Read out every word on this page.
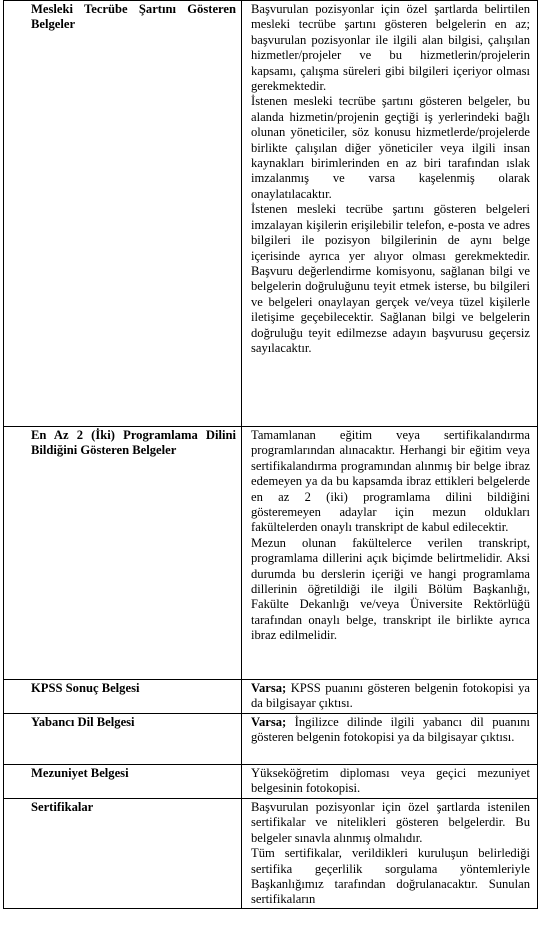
Mesleki Tecrübe Şartını Gösteren Belgeler	Başvurulan pozisyonlar için özel şartlarda belirtilen mesleki tecrübe şartını gösteren belgelerin en az; başvurulan pozisyonlar ile ilgili alan bilgisi, çalışılan hizmetler/projeler ve bu hizmetlerin/projelerin kapsamı, çalışma süreleri gibi bilgileri içeriyor olması gerekmektedir.

İstenen mesleki tecrübe şartını gösteren belgeler, bu alanda hizmetin/projenin geçtiği iş yerlerindeki bağlı olunan yöneticiler, söz konusu hizmetlerde/projelerde birlikte çalışılan diğer yöneticiler veya ilgili insan kaynakları birimlerinden en az biri tarafından ıslak imzalanmış ve varsa kaşelenmiş olarak onaylatılacaktır.

İstenen mesleki tecrübe şartını gösteren belgeleri imzalayan kişilerin erişilebilir telefon, e-posta ve adres bilgileri ile pozisyon bilgilerinin de aynı belge içerisinde ayrıca yer alıyor olması gerekmektedir. Başvuru değerlendirme komisyonu, sağlanan bilgi ve belgelerin doğruluğunu teyit etmek isterse, bu bilgileri ve belgeleri onaylayan gerçek ve/veya tüzel kişilerle iletişime geçebilecektir. Sağlanan bilgi ve belgelerin doğruluğu teyit edilmezse adayın başvurusu geçersiz sayılacaktır.

En Az 2 (İki) Programlama Dilini Bildiğini Gösteren Belgeler	Tamamlanan eğitim veya sertifikalandırma programlarından alınacaktır. Herhangi bir eğitim veya sertifikalandırma programından alınmış bir belge ibraz edemeyen ya da bu kapsamda ibraz ettikleri belgelerde en az 2 (iki) programlama dilini bildiğini gösteremeyen adaylar için mezun oldukları fakültelerden onaylı transkript de kabul edilecektir.

Mezun olunan fakültelerce verilen transkript, programlama dillerini açık biçimde belirtmelidir. Aksi durumda bu derslerin içeriği ve hangi programlama dillerinin öğretildiği ile ilgili Bölüm Başkanlığı, Fakülte Dekanlığı ve/veya Üniversite Rektörlüğü tarafından onaylı belge, transkript ile birlikte ayrıca ibraz edilmelidir.

KPSS Sonuç Belgesi	Varsa; KPSS puanını gösteren belgenin fotokopisi ya da bilgisayar çıktısı.

Yabancı Dil Belgesi	Varsa; İngilizce dilinde ilgili yabancı dil puanını gösteren belgenin fotokopisi ya da bilgisayar çıktısı.

Mezuniyet Belgesi	Yükseköğretim diploması veya geçici mezuniyet belgesinin fotokopisi.

Sertifikalar	Başvurulan pozisyonlar için özel şartlarda istenilen sertifikalar ve nitelikleri gösteren belgelerdir. Bu belgeler sınavla alınmış olmalıdır.

Tüm sertifikalar, verildikleri kuruluşun belirlediği sertifika geçerlilik sorgulama yöntemleriyle Başkanlığımız tarafından doğrulanacaktır. Sunulan sertifikaların
